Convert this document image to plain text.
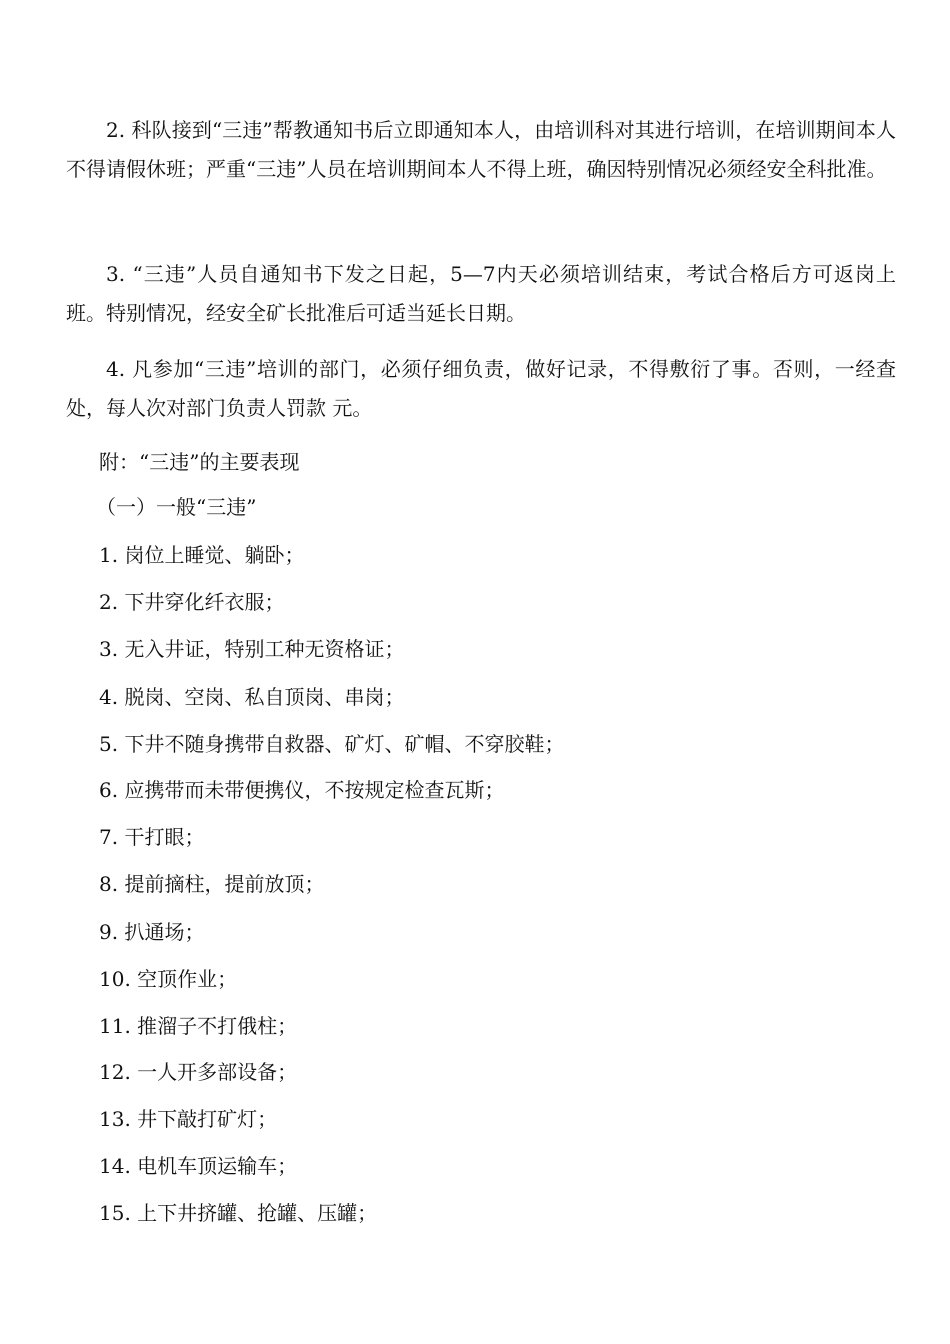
2. 科队接到“三违”帮教通知书后立即通知本人，由培训科对其进行培训，在培训期间本人不得请假休班；严重“三违”人员在培训期间本人不得上班，确因特别情况必须经安全科批准。

3. “三违”人员自通知书下发之日起，5—7内天必须培训结束，考试合格后方可返岗上班。特别情况，经安全矿长批准后可适当延长日期。

4. 凡参加“三违”培训的部门，必须仔细负责，做好记录，不得敷衍了事。否则，一经查处，每人次对部门负责人罚款 元。

附：“三违”的主要表现

（一）一般“三违”

1. 岗位上睡觉、躺卧；

2. 下井穿化纤衣服；

3. 无入井证，特别工种无资格证；

4. 脱岗、空岗、私自顶岗、串岗；

5. 下井不随身携带自救器、矿灯、矿帽、不穿胶鞋；

6. 应携带而未带便携仪，不按规定检查瓦斯；

7. 干打眼；

8. 提前摘柱，提前放顶；

9. 扒通场；

10. 空顶作业；

11. 推溜子不打俄柱；

12. 一人开多部设备；

13. 井下敲打矿灯；

14. 电机车顶运输车；

15. 上下井挤罐、抢罐、压罐；
